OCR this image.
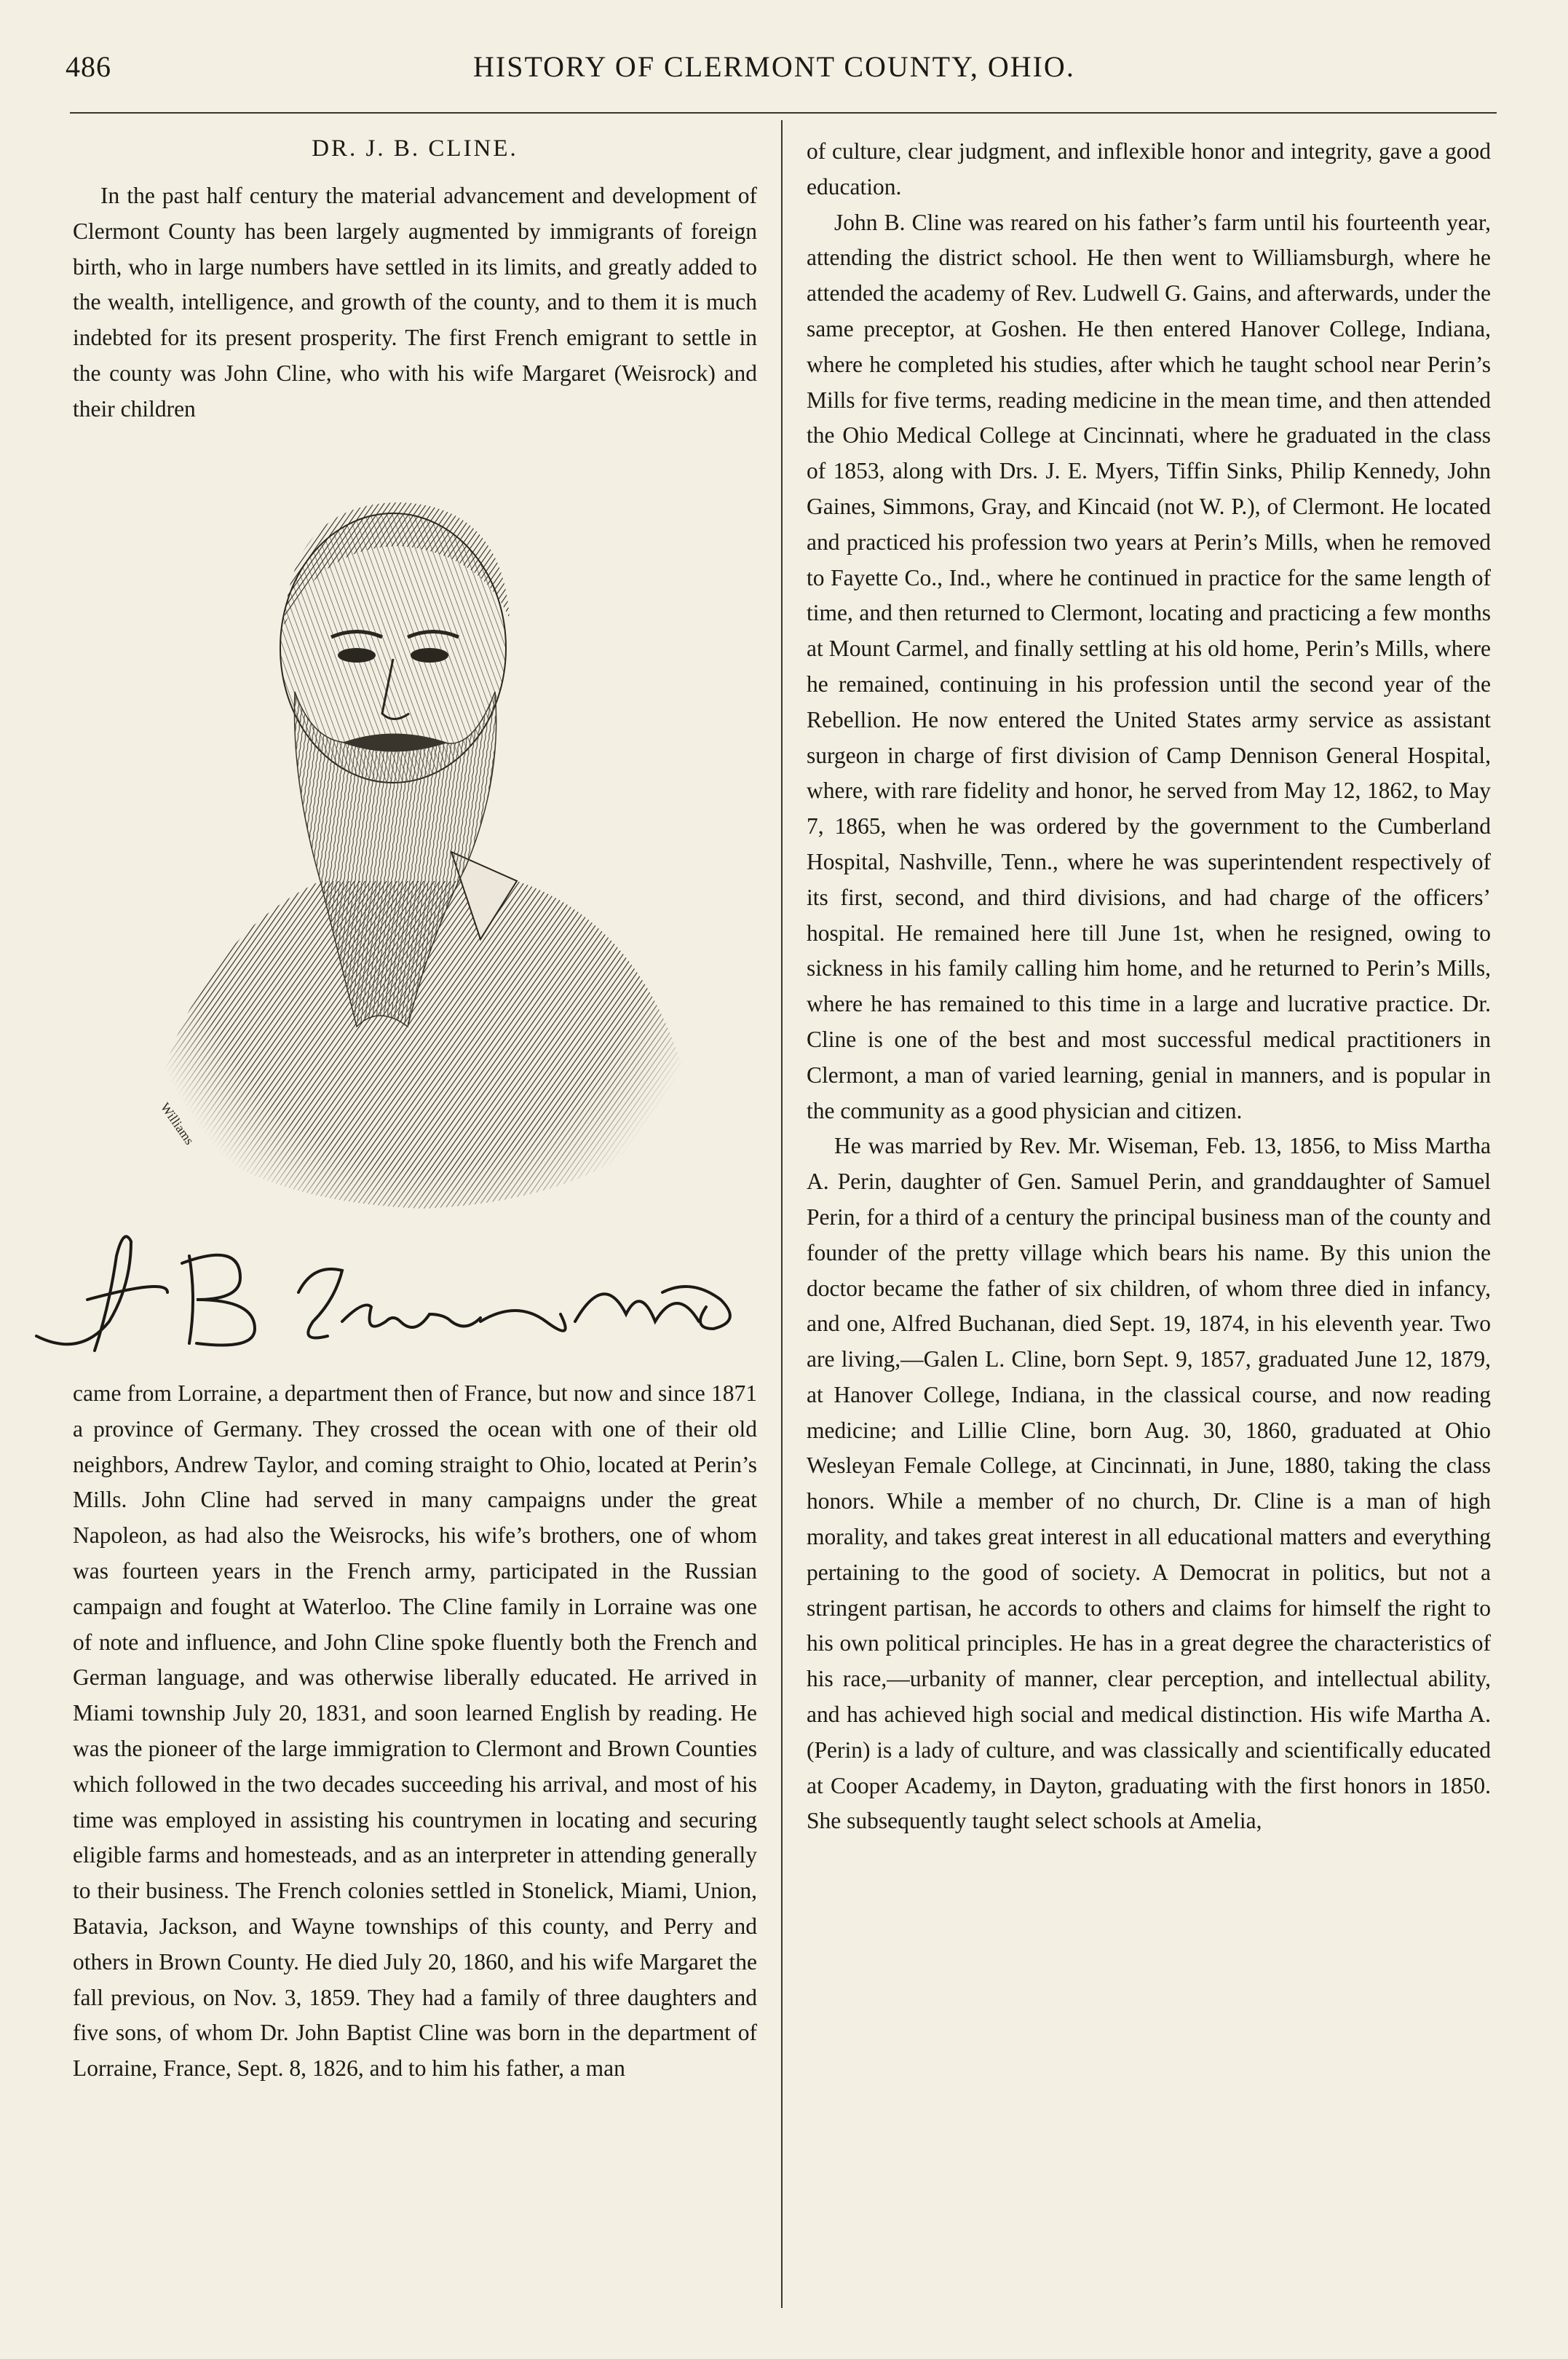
486	HISTORY OF CLERMONT COUNTY, OHIO.
DR. J. B. CLINE.

In the past half century the material advancement and development of Clermont County has been largely augmented by immigrants of foreign birth, who in large numbers have settled in its limits, and greatly added to the wealth, intelligence, and growth of the county, and to them it is much indebted for its present prosperity. The first French emigrant to settle in the county was John Cline, who with his wife Margaret (Weisrock) and their children

Williams

came from Lorraine, a department then of France, but now and since 1871 a province of Germany. They crossed the ocean with one of their old neighbors, Andrew Taylor, and coming straight to Ohio, located at Perin’s Mills. John Cline had served in many campaigns under the great Napoleon, as had also the Weisrocks, his wife’s brothers, one of whom was fourteen years in the French army, participated in the Russian campaign and fought at Waterloo. The Cline family in Lorraine was one of note and influence, and John Cline spoke fluently both the French and German language, and was otherwise liberally educated. He arrived in Miami township July 20, 1831, and soon learned English by reading. He was the pioneer of the large immigration to Clermont and Brown Counties which followed in the two decades succeeding his arrival, and most of his time was employed in assisting his countrymen in locating and securing eligible farms and homesteads, and as an interpreter in attending generally to their business. The French colonies settled in Stonelick, Miami, Union, Batavia, Jackson, and Wayne townships of this county, and Perry and others in Brown County. He died July 20, 1860, and his wife Margaret the fall previous, on Nov. 3, 1859. They had a family of three daughters and five sons, of whom Dr. John Baptist Cline was born in the department of Lorraine, France, Sept. 8, 1826, and to him his father, a man

of culture, clear judgment, and inflexible honor and integrity, gave a good education.

John B. Cline was reared on his father’s farm until his fourteenth year, attending the district school. He then went to Williamsburgh, where he attended the academy of Rev. Ludwell G. Gains, and afterwards, under the same preceptor, at Goshen. He then entered Hanover College, Indiana, where he completed his studies, after which he taught school near Perin’s Mills for five terms, reading medicine in the mean time, and then attended the Ohio Medical College at Cincinnati, where he graduated in the class of 1853, along with Drs. J. E. Myers, Tiffin Sinks, Philip Kennedy, John Gaines, Simmons, Gray, and Kincaid (not W. P.), of Clermont. He located and practiced his profession two years at Perin’s Mills, when he removed to Fayette Co., Ind., where he continued in practice for the same length of time, and then returned to Clermont, locating and practicing a few months at Mount Carmel, and finally settling at his old home, Perin’s Mills, where he remained, continuing in his profession until the second year of the Rebellion. He now entered the United States army service as assistant surgeon in charge of first division of Camp Dennison General Hospital, where, with rare fidelity and honor, he served from May 12, 1862, to May 7, 1865, when he was ordered by the government to the Cumberland Hospital, Nashville, Tenn., where he was superintendent respectively of its first, second, and third divisions, and had charge of the officers’ hospital. He remained here till June 1st, when he resigned, owing to sickness in his family calling him home, and he returned to Perin’s Mills, where he has remained to this time in a large and lucrative practice. Dr. Cline is one of the best and most successful medical practitioners in Clermont, a man of varied learning, genial in manners, and is popular in the community as a good physician and citizen.

He was married by Rev. Mr. Wiseman, Feb. 13, 1856, to Miss Martha A. Perin, daughter of Gen. Samuel Perin, and granddaughter of Samuel Perin, for a third of a century the principal business man of the county and founder of the pretty village which bears his name. By this union the doctor became the father of six children, of whom three died in infancy, and one, Alfred Buchanan, died Sept. 19, 1874, in his eleventh year. Two are living,—Galen L. Cline, born Sept. 9, 1857, graduated June 12, 1879, at Hanover College, Indiana, in the classical course, and now reading medicine; and Lillie Cline, born Aug. 30, 1860, graduated at Ohio Wesleyan Female College, at Cincinnati, in June, 1880, taking the class honors. While a member of no church, Dr. Cline is a man of high morality, and takes great interest in all educational matters and everything pertaining to the good of society. A Democrat in politics, but not a stringent partisan, he accords to others and claims for himself the right to his own political principles. He has in a great degree the characteristics of his race,—urbanity of manner, clear perception, and intellectual ability, and has achieved high social and medical distinction. His wife Martha A. (Perin) is a lady of culture, and was classically and scientifically educated at Cooper Academy, in Dayton, graduating with the first honors in 1850. She subsequently taught select schools at Amelia,
